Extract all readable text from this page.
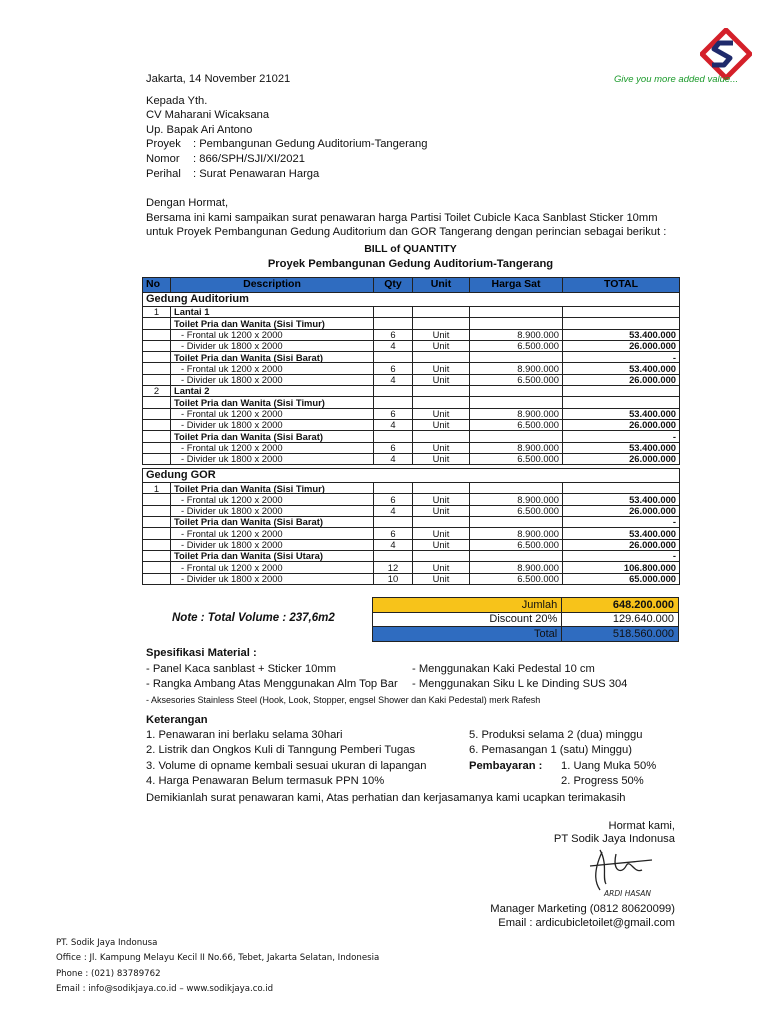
Give you more added value...
Jakarta, 14 November 21021
Kepada Yth.
CV Maharani Wicaksana
Up. Bapak Ari Antono
Proyek : Pembangunan Gedung Auditorium-Tangerang
Nomor : 866/SPH/SJI/XI/2021
Perihal : Surat Penawaran Harga
Dengan Hormat,
Bersama ini kami sampaikan surat penawaran harga Partisi Toilet Cubicle Kaca Sanblast Sticker 10mm
untuk Proyek Pembangunan Gedung Auditorium dan GOR Tangerang dengan perincian sebagai berikut :
BILL of QUANTITY
Proyek Pembangunan Gedung Auditorium-Tangerang
No	Description	Qty	Unit	Harga Sat	TOTAL
Gedung Auditorium					
1	Lantai 1				
	Toilet Pria dan Wanita (Sisi Timur)				
	- Frontal uk 1200 x 2000	6	Unit	8.900.000	53.400.000
	- Divider uk 1800 x 2000	4	Unit	6.500.000	26.000.000
	Toilet Pria dan Wanita (Sisi Barat)				-
	- Frontal uk 1200 x 2000	6	Unit	8.900.000	53.400.000
	- Divider uk 1800 x 2000	4	Unit	6.500.000	26.000.000
2	Lantai 2				
	Toilet Pria dan Wanita (Sisi Timur)				
	- Frontal uk 1200 x 2000	6	Unit	8.900.000	53.400.000
	- Divider uk 1800 x 2000	4	Unit	6.500.000	26.000.000
	Toilet Pria dan Wanita (Sisi Barat)				-
	- Frontal uk 1200 x 2000	6	Unit	8.900.000	53.400.000
	- Divider uk 1800 x 2000	4	Unit	6.500.000	26.000.000

Gedung GOR					
1	Toilet Pria dan Wanita (Sisi Timur)				
	- Frontal uk 1200 x 2000	6	Unit	8.900.000	53.400.000
	- Divider uk 1800 x 2000	4	Unit	6.500.000	26.000.000
	Toilet Pria dan Wanita (Sisi Barat)				-
	- Frontal uk 1200 x 2000	6	Unit	8.900.000	53.400.000
	- Divider uk 1800 x 2000	4	Unit	6.500.000	26.000.000
	Toilet Pria dan Wanita (Sisi Utara)				-
	- Frontal uk 1200 x 2000	12	Unit	8.900.000	106.800.000
	- Divider uk 1800 x 2000	10	Unit	6.500.000	65.000.000
Note : Total Volume : 237,6m2
Jumlah	648.200.000
Discount 20%	129.640.000
Total	518.560.000
Spesifikasi Material :
- Panel Kaca sanblast + Sticker 10mm	- Menggunakan Kaki Pedestal 10 cm
- Rangka Ambang Atas Menggunakan Alm Top Bar - Menggunakan Siku L ke Dinding SUS 304
- Aksesories Stainless Steel (Hook, Look, Stopper, engsel Shower dan Kaki Pedestal) merk Rafesh
Keterangan
1. Penawaran ini berlaku selama 30hari
2. Listrik dan Ongkos Kuli di Tanngung Pemberi Tugas
3. Volume di opname kembali sesuai ukuran di lapangan
4. Harga Penawaran Belum termasuk PPN 10%
5. Produksi selama 2 (dua) minggu
6. Pemasangan 1 (satu) Minggu)
Pembayaran : 1. Uang Muka 50%
2. Progress 50%
Demikianlah surat penawaran kami, Atas perhatian dan kerjasamanya kami ucapkan terimakasih
Hormat kami,
PT Sodik Jaya Indonusa
ARDI HASAN
Manager Marketing (0812 80620099)
Email : ardicubicletoilet@gmail.com
PT. Sodik Jaya Indonusa
Office : Jl. Kampung Melayu Kecil II No.66, Tebet, Jakarta Selatan, Indonesia
Phone : (021) 83789762
Email : info@sodikjaya.co.id – www.sodikjaya.co.id
